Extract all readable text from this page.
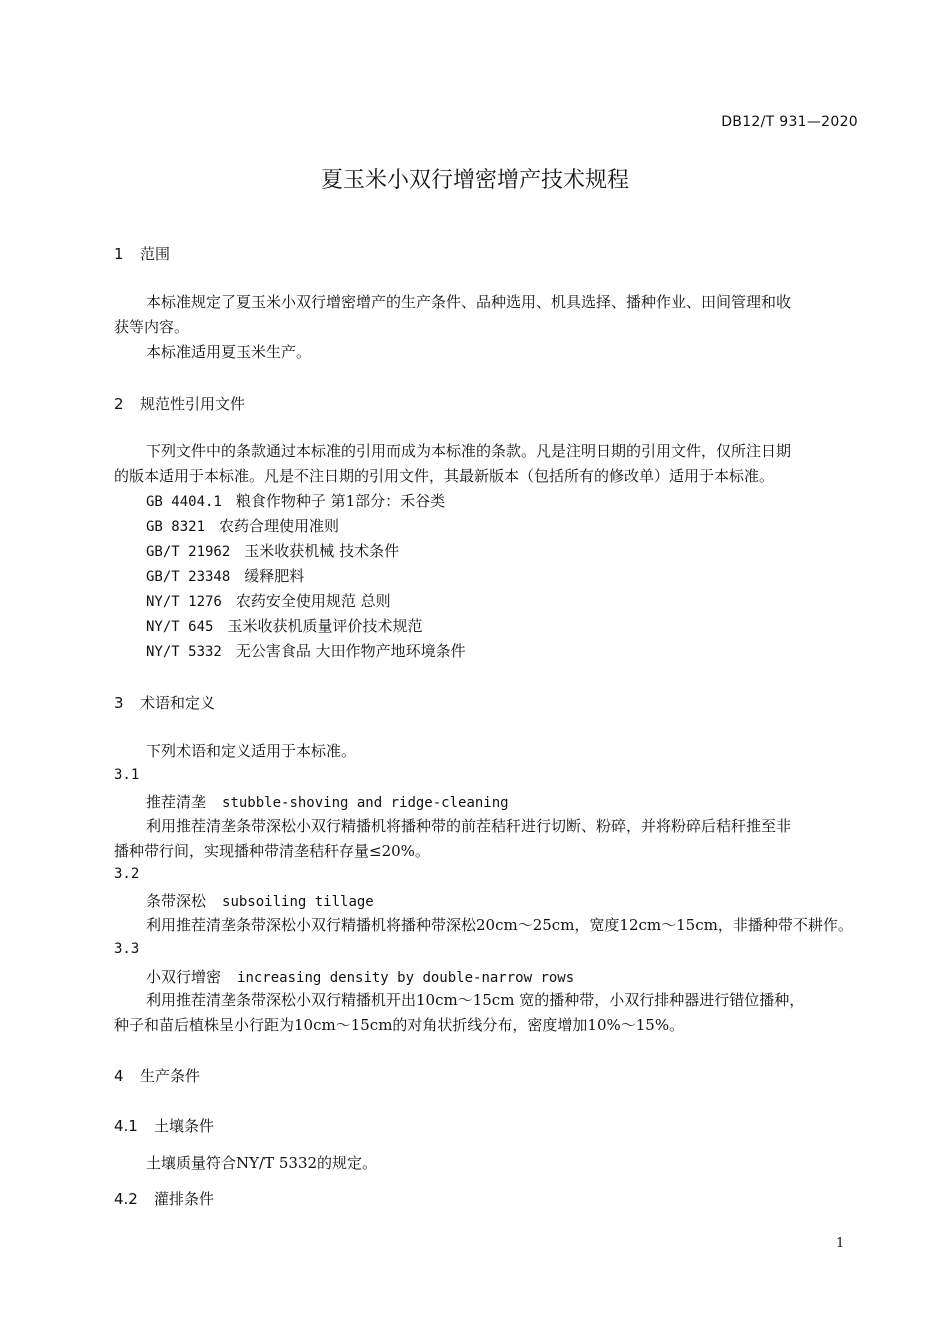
DB12/T 931—2020
夏玉米小双行增密增产技术规程
1 范围
本标准规定了夏玉米小双行增密增产的生产条件、品种选用、机具选择、播种作业、田间管理和收
获等内容。
本标准适用夏玉米生产。
2 规范性引用文件
下列文件中的条款通过本标准的引用而成为本标准的条款。凡是注明日期的引用文件，仅所注日期
的版本适用于本标准。凡是不注日期的引用文件，其最新版本（包括所有的修改单）适用于本标准。
GB 4404.1 粮食作物种子 第1部分：禾谷类
GB 8321 农药合理使用准则
GB/T 21962 玉米收获机械 技术条件
GB/T 23348 缓释肥料
NY/T 1276 农药安全使用规范 总则
NY/T 645 玉米收获机质量评价技术规范
NY/T 5332 无公害食品 大田作物产地环境条件
3 术语和定义
下列术语和定义适用于本标准。
3.1
推茬清垄 stubble-shoving and ridge-cleaning
利用推茬清垄条带深松小双行精播机将播种带的前茬秸秆进行切断、粉碎，并将粉碎后秸秆推至非
播种带行间，实现播种带清垄秸秆存量≤20%。
3.2
条带深松 subsoiling tillage
利用推茬清垄条带深松小双行精播机将播种带深松20cm～25cm，宽度12cm～15cm，非播种带不耕作。
3.3
小双行增密 increasing density by double-narrow rows
利用推茬清垄条带深松小双行精播机开出10cm～15cm 宽的播种带，小双行排种器进行错位播种，
种子和苗后植株呈小行距为10cm～15cm的对角状折线分布，密度增加10%～15%。
4 生产条件
4.1 土壤条件
土壤质量符合NY/T 5332的规定。
4.2 灌排条件
1
